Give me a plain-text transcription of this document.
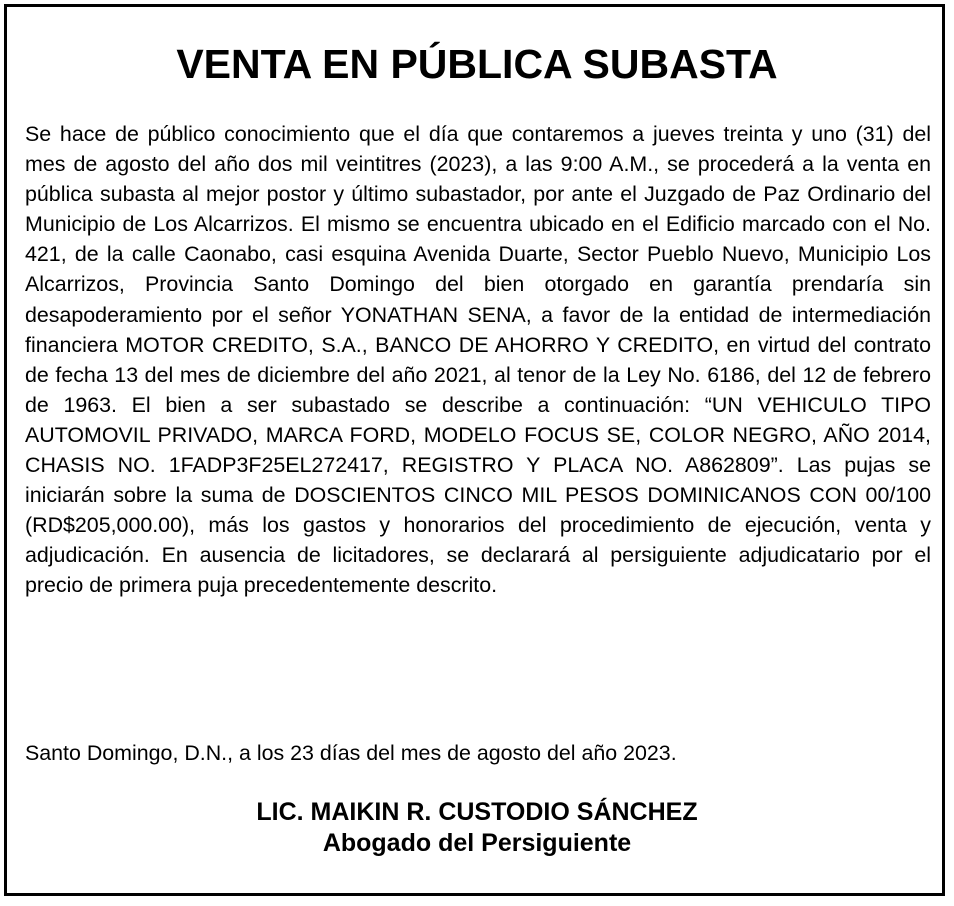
VENTA EN PÚBLICA SUBASTA

Se hace de público conocimiento que el día que contaremos a jueves treinta y uno (31) del mes de agosto del año dos mil veintitres (2023), a las 9:00 A.M., se procederá a la venta en pública subasta al mejor postor y último subastador, por ante el Juzgado de Paz Ordinario del Municipio de Los Alcarrizos. El mismo se encuentra ubicado en el Edificio marcado con el No. 421, de la calle Caonabo, casi esquina Avenida Duarte, Sector Pueblo Nuevo, Municipio Los Alcarrizos, Provincia Santo Domingo del bien otorgado en garantía prendaría sin desapoderamiento por el señor YONATHAN SENA, a favor de la entidad de intermediación financiera MOTOR CREDITO, S.A., BANCO DE AHORRO Y CREDITO, en virtud del contrato de fecha 13 del mes de diciembre del año 2021, al tenor de la Ley No. 6186, del 12 de febrero de 1963. El bien a ser subastado se describe a continuación: “UN VEHICULO TIPO AUTOMOVIL PRIVADO, MARCA FORD, MODELO FOCUS SE, COLOR NEGRO, AÑO 2014, CHASIS NO. 1FADP3F25EL272417, REGISTRO Y PLACA NO. A862809”. Las pujas se iniciarán sobre la suma de DOSCIENTOS CINCO MIL PESOS DOMINICANOS CON 00/100 (RD$205,000.00), más los gastos y honorarios del procedimiento de ejecución, venta y adjudicación. En ausencia de licitadores, se declarará al persiguiente adjudicatario por el precio de primera puja precedentemente descrito.

Santo Domingo, D.N., a los 23 días del mes de agosto del año 2023.

LIC. MAIKIN R. CUSTODIO SÁNCHEZ
Abogado del Persiguiente
